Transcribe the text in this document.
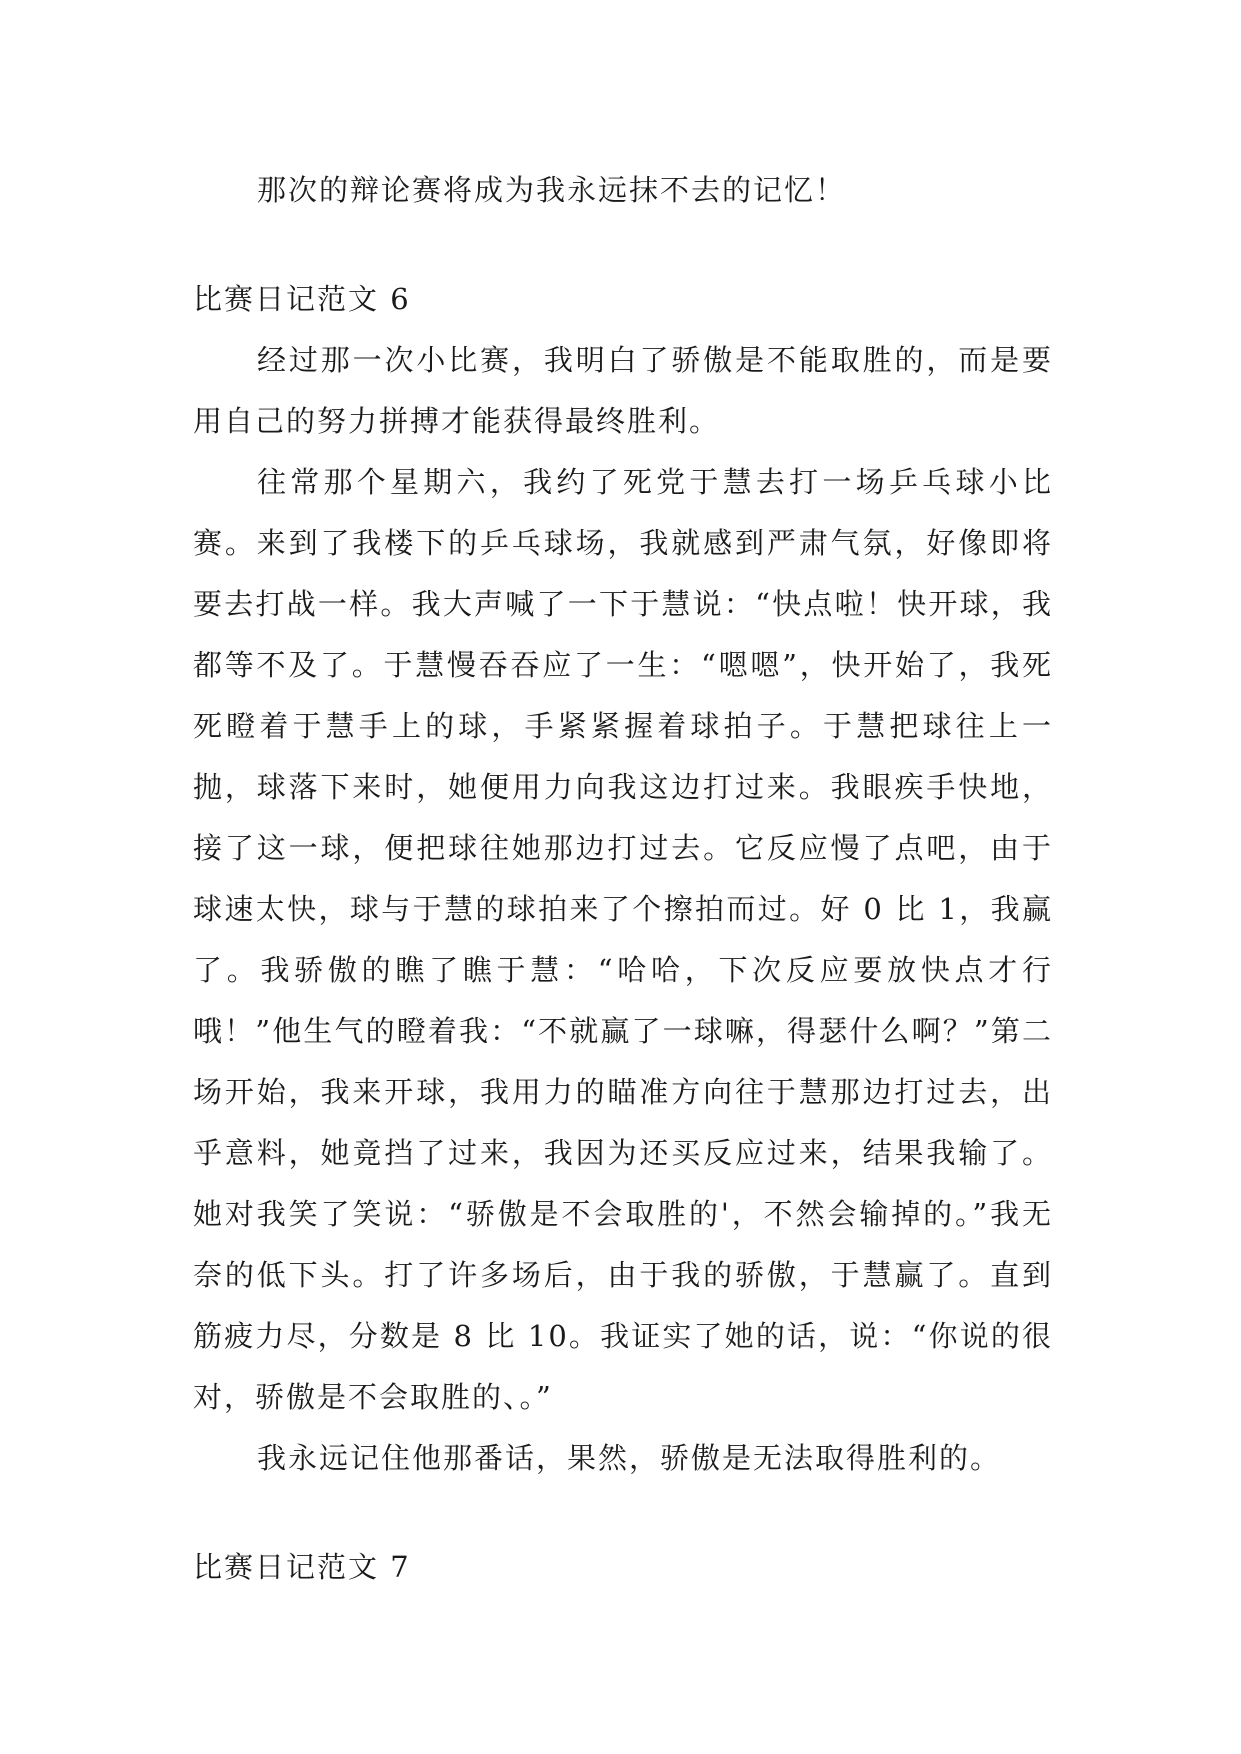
那次的辩论赛将成为我永远抹不去的记忆！

比赛日记范文 6

经过那一次小比赛，我明白了骄傲是不能取胜的，而是要用自己的努力拼搏才能获得最终胜利。

往常那个星期六，我约了死党于慧去打一场乒乓球小比赛。来到了我楼下的乒乓球场，我就感到严肃气氛，好像即将要去打战一样。我大声喊了一下于慧说：“快点啦！快开球，我都等不及了。于慧慢吞吞应了一生：“嗯嗯”，快开始了，我死死瞪着于慧手上的球，手紧紧握着球拍子。于慧把球往上一抛，球落下来时，她便用力向我这边打过来。我眼疾手快地，接了这一球，便把球往她那边打过去。它反应慢了点吧，由于球速太快，球与于慧的球拍来了个擦拍而过。好 0 比 1，我赢了。我骄傲的瞧了瞧于慧：“哈哈，下次反应要放快点才行哦！”他生气的瞪着我：“不就赢了一球嘛，得瑟什么啊？”第二场开始，我来开球，我用力的瞄准方向往于慧那边打过去，出乎意料，她竟挡了过来，我因为还买反应过来，结果我输了。她对我笑了笑说：“骄傲是不会取胜的'，不然会输掉的。”我无奈的低下头。打了许多场后，由于我的骄傲，于慧赢了。直到筋疲力尽，分数是 8 比 10。我证实了她的话，说：“你说的很对，骄傲是不会取胜的、。”

我永远记住他那番话，果然，骄傲是无法取得胜利的。

比赛日记范文 7
